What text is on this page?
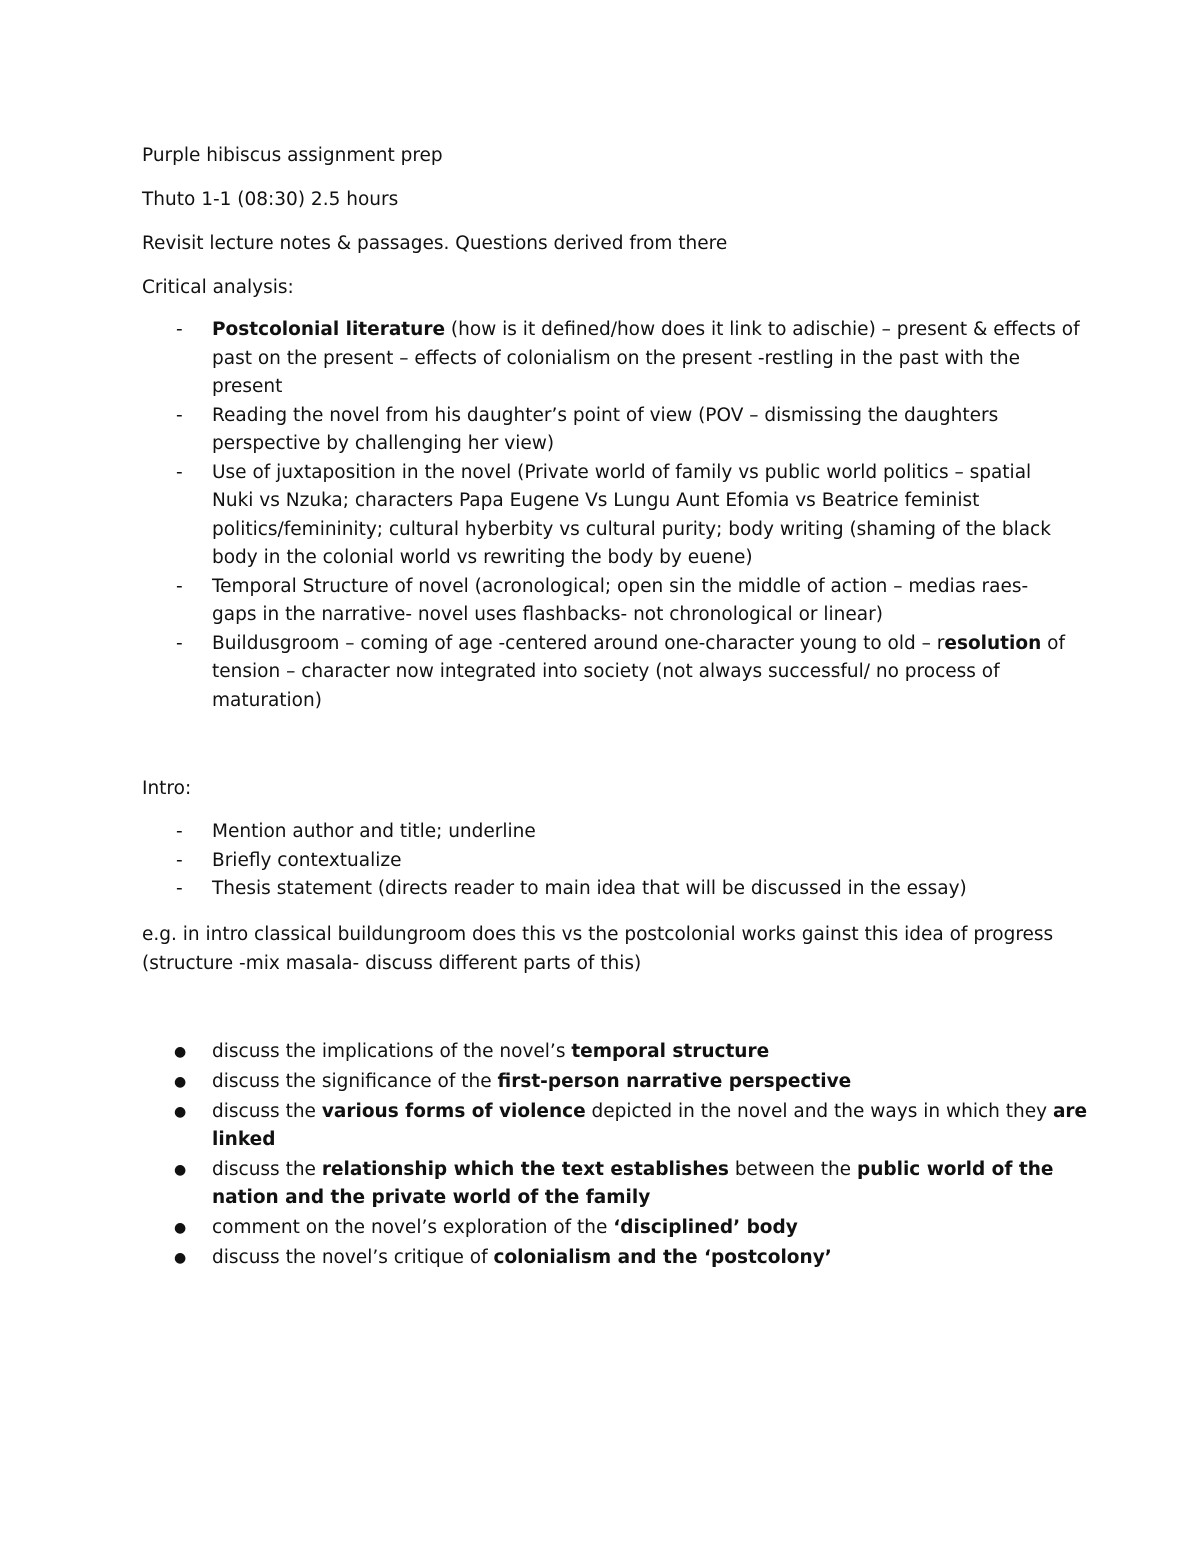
Purple hibiscus assignment prep

Thuto 1-1 (08:30) 2.5 hours

Revisit lecture notes & passages. Questions derived from there

Critical analysis:

- Postcolonial literature (how is it defined/how does it link to adischie) – present & effects of
past on the present – effects of colonialism on the present -restling in the past with the
present
- Reading the novel from his daughter’s point of view (POV – dismissing the daughters
perspective by challenging her view)
- Use of juxtaposition in the novel (Private world of family vs public world politics – spatial
Nuki vs Nzuka; characters Papa Eugene Vs Lungu Aunt Efomia vs Beatrice feminist
politics/femininity; cultural hyberbity vs cultural purity; body writing (shaming of the black
body in the colonial world vs rewriting the body by euene)
- Temporal Structure of novel (acronological; open sin the middle of action – medias raes-
gaps in the narrative- novel uses flashbacks- not chronological or linear)
- Buildusgroom – coming of age -centered around one-character young to old – resolution of
tension – character now integrated into society (not always successful/ no process of
maturation)

Intro:

- Mention author and title; underline
- Briefly contextualize
- Thesis statement (directs reader to main idea that will be discussed in the essay)

e.g. in intro classical buildungroom does this vs the postcolonial works gainst this idea of progress

(structure -mix masala- discuss different parts of this)

● discuss the implications of the novel’s temporal structure
● discuss the significance of the first-person narrative perspective
● discuss the various forms of violence depicted in the novel and the ways in which they are
linked
● discuss the relationship which the text establishes between the public world of the
nation and the private world of the family
● comment on the novel’s exploration of the ‘disciplined’ body
● discuss the novel’s critique of colonialism and the ‘postcolony’
